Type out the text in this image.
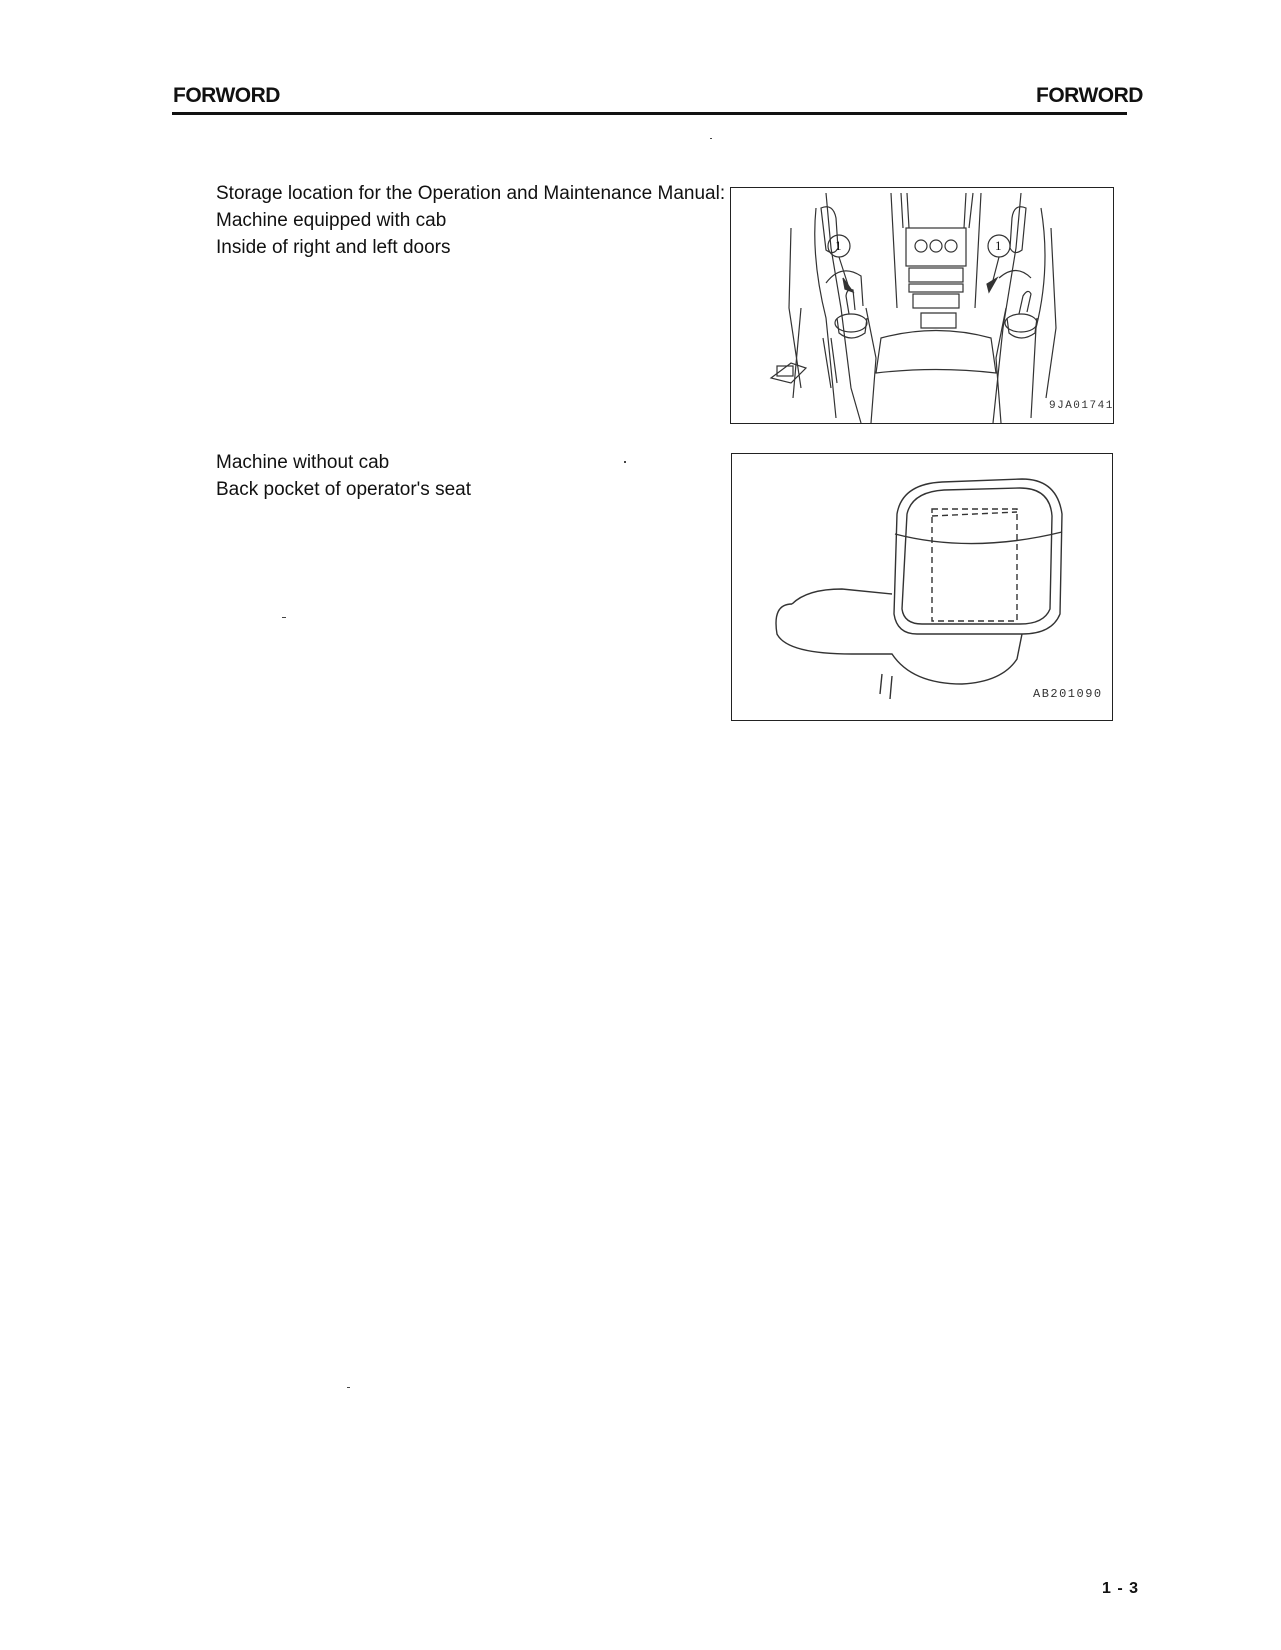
FORWORD	FORWORD
Storage location for the Operation and Maintenance Manual:
Machine equipped with cab
Inside of right and left doors
Machine without cab
Back pocket of operator's seat
1	1
9JA01741
AB201090
1 - 3
